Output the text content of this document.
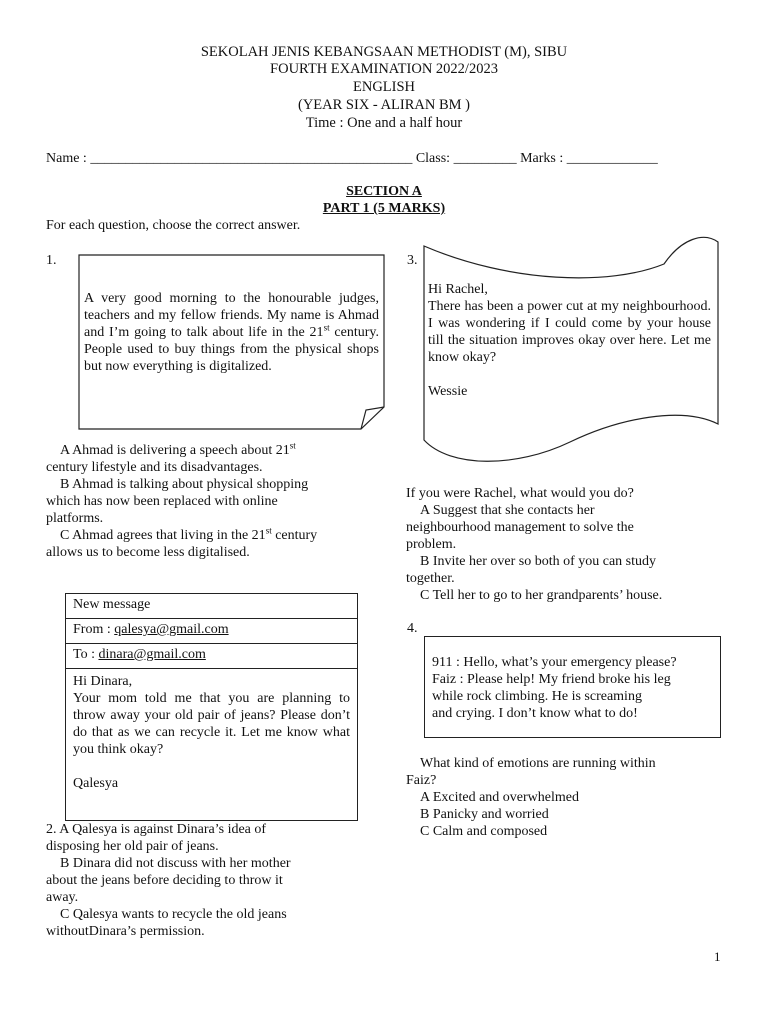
SEKOLAH JENIS KEBANGSAAN METHODIST (M), SIBU
FOURTH EXAMINATION 2022/2023
ENGLISH
(YEAR SIX - ALIRAN BM )
Time : One and a half hour
Name : ______________________________________________ Class: _________ Marks : _____________
SECTION A
PART 1 (5 MARKS)
For each question, choose the correct answer.
1.
A very good morning to the honourable judges, teachers and my fellow friends. My name is Ahmad and I’m going to talk about life in the 21st century. People used to buy things from the physical shops but now everything is digitalized.

A Ahmad is delivering a speech about 21st

century lifestyle and its disadvantages.

B Ahmad is talking about physical shopping

which has now been replaced with online

platforms.

C Ahmad agrees that living in the 21st century

allows us to become less digitalised.

New message
From : qalesya@gmail.com
To : dinara@gmail.com

Hi Dinara,

Your mom told me that you are planning to throw away your old pair of jeans? Please don’t do that as we can recycle it. Let me know what you think okay?

Qalesya

2. A Qalesya is against Dinara’s idea of

disposing her old pair of jeans.

B Dinara did not discuss with her mother

about the jeans before deciding to throw it

away.

C Qalesya wants to recycle the old jeans

withoutDinara’s permission.

3.

Hi Rachel,

There has been a power cut at my neighbourhood. I was wondering if I could come by your house till the situation improves okay over here. Let me know okay?

Wessie

If you were Rachel, what would you do?

A Suggest that she contacts her

neighbourhood management to solve the

problem.

B Invite her over so both of you can study

together.

C Tell her to go to her grandparents’ house.

4.

911 : Hello, what’s your emergency please?

Faiz : Please help! My friend broke his leg

while rock climbing. He is screaming

and crying. I don’t know what to do!

What kind of emotions are running within

Faiz?

A Excited and overwhelmed

B Panicky and worried

C Calm and composed

1
